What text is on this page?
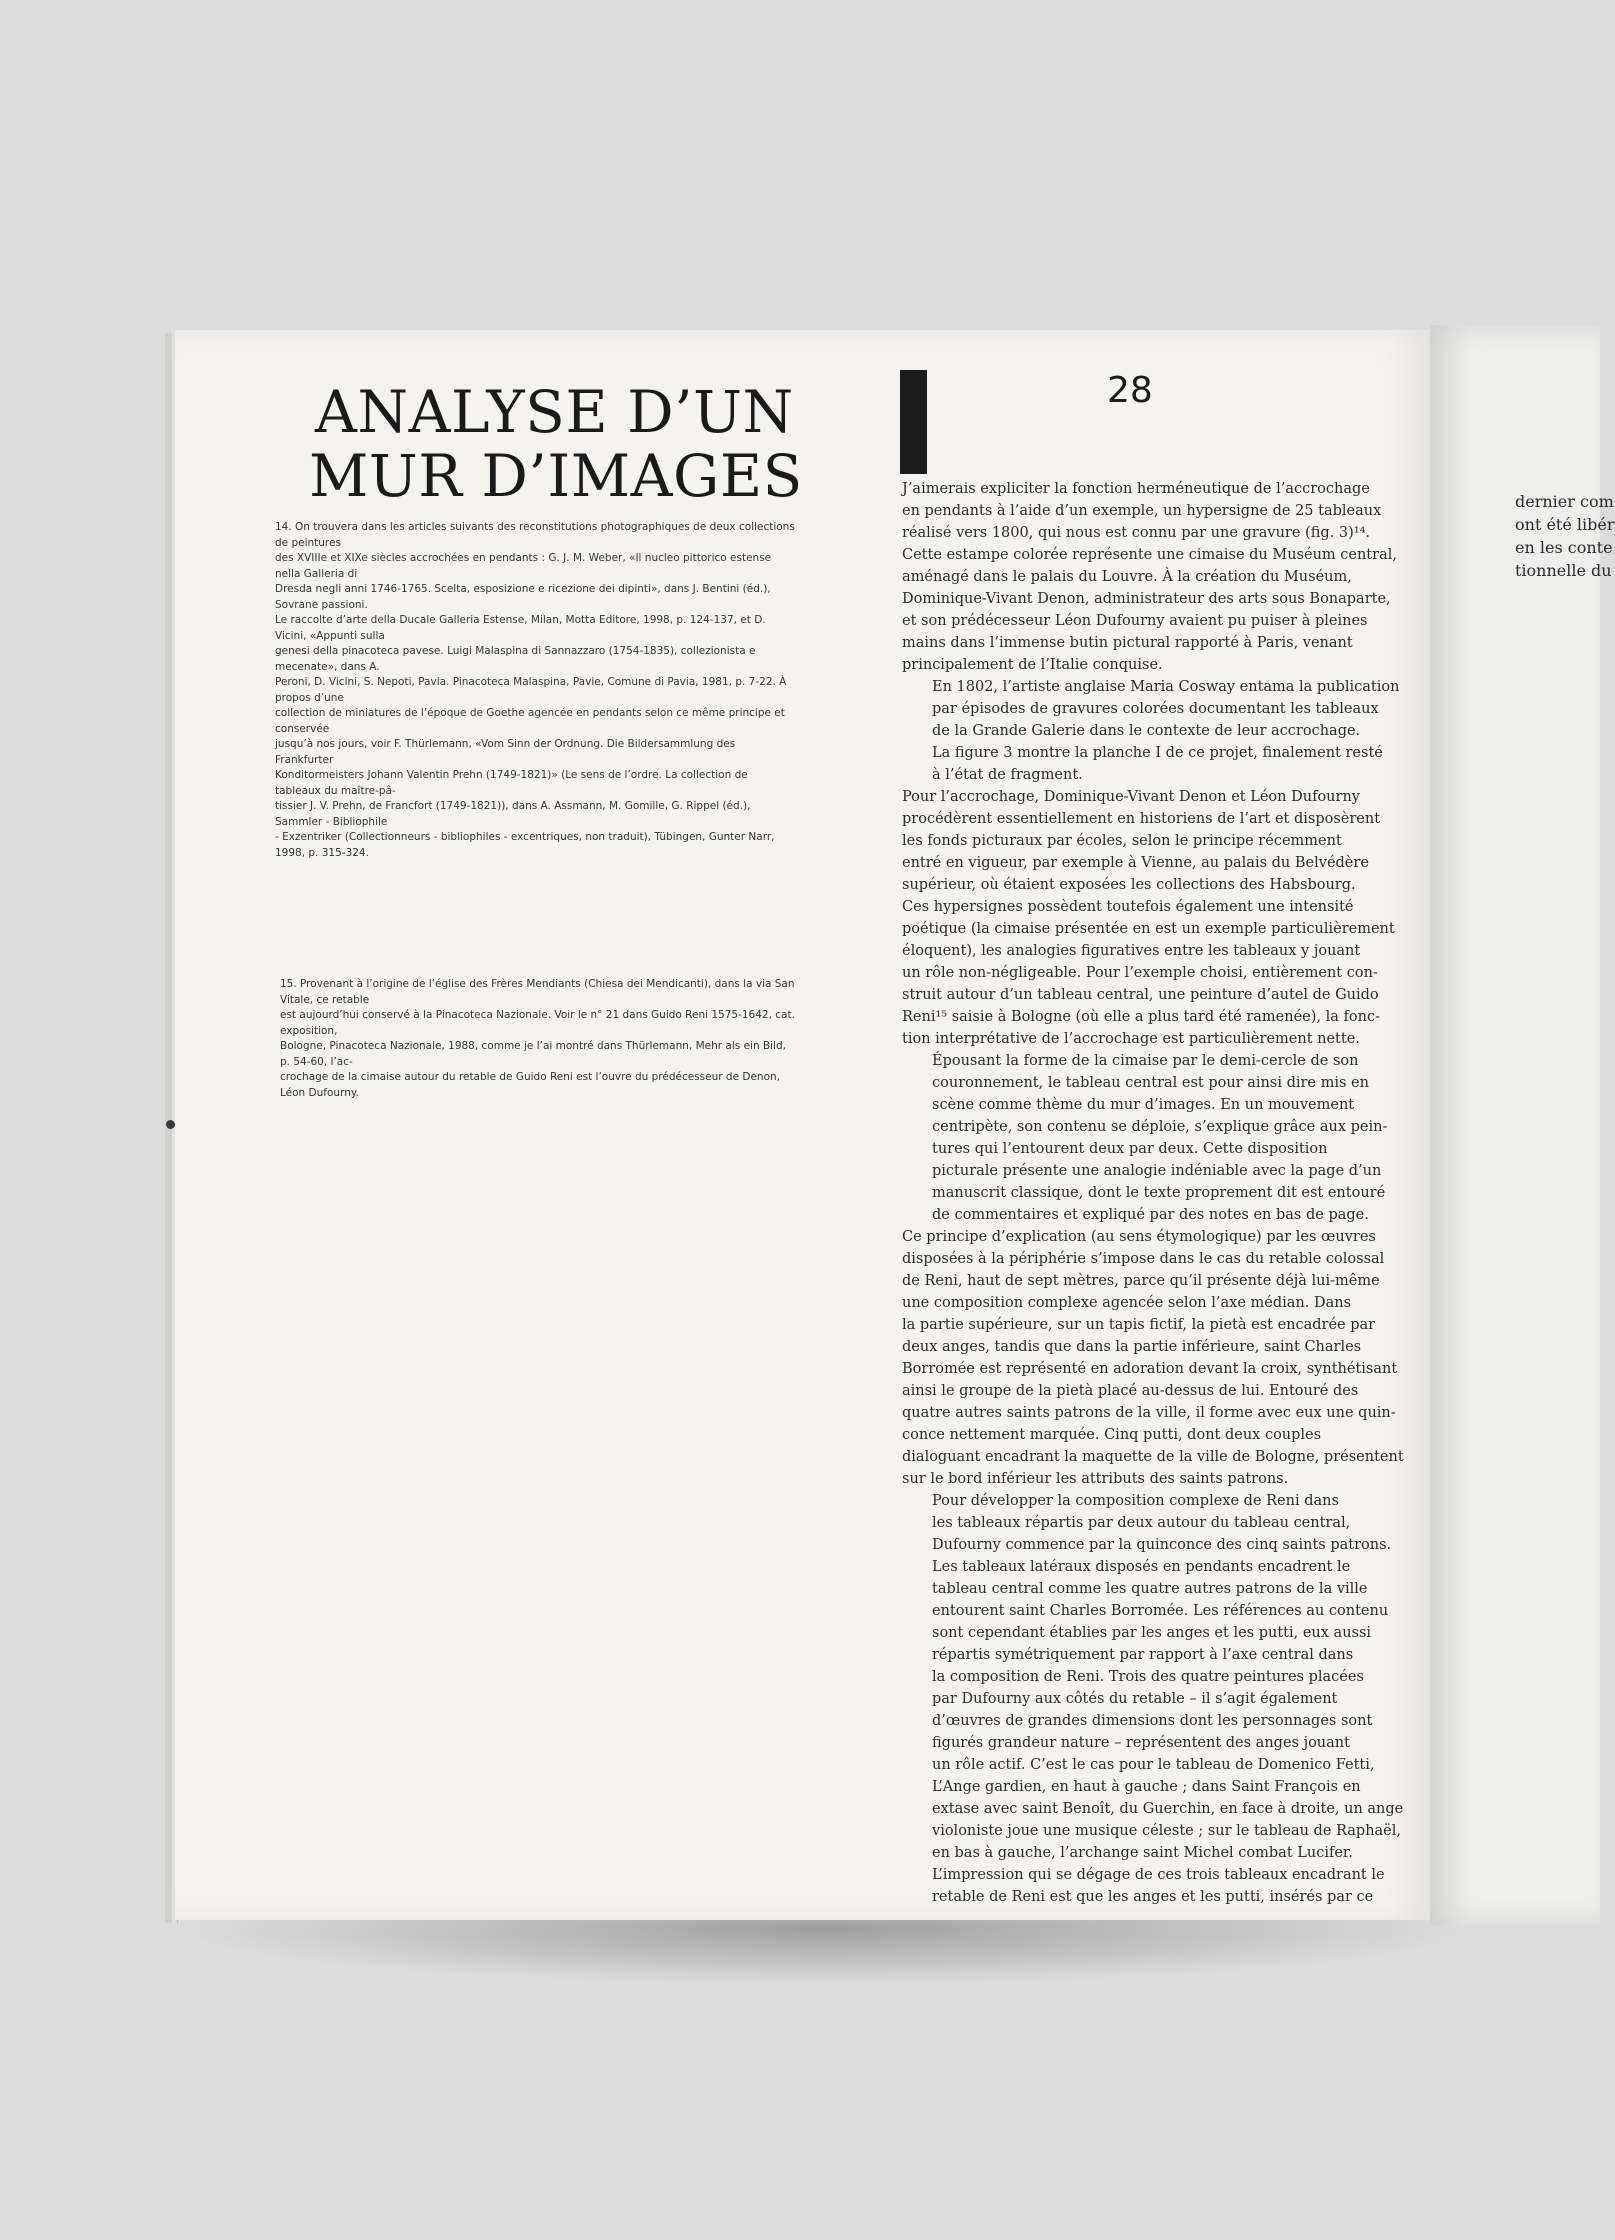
dernier com
ont été libér
en les conte
tionnelle du
ANALYSE D’UN
MUR D’IMAGES

14. On trouvera dans les articles suivants des reconstitutions photographiques de deux collections de peintures

des XVIIIe et XIXe siècles accrochées en pendants : G. J. M. Weber, «Il nucleo pittorico estense nella Galleria di

Dresda negli anni 1746-1765. Scelta, esposizione e ricezione dei dipinti», dans J. Bentini (éd.), Sovrane passioni.

Le raccolte d’arte della Ducale Galleria Estense, Milan, Motta Editore, 1998, p. 124-137, et D. Vicini, «Appunti sulla

genesi della pinacoteca pavese. Luigi Malaspina di Sannazzaro (1754-1835), collezionista e mecenate», dans A.

Peroni, D. Vicini, S. Nepoti, Pavia. Pinacoteca Malaspina, Pavie, Comune di Pavia, 1981, p. 7-22. À propos d’une

collection de miniatures de l’époque de Goethe agencée en pendants selon ce même principe et conservée

jusqu’à nos jours, voir F. Thürlemann, «Vom Sinn der Ordnung. Die Bildersammlung des Frankfurter

Konditormeisters Johann Valentin Prehn (1749-1821)» (Le sens de l’ordre. La collection de tableaux du maître-pâ-

tissier J. V. Prehn, de Francfort (1749-1821)), dans A. Assmann, M. Gomille, G. Rippel (éd.), Sammler - Bibliophile

- Exzentriker (Collectionneurs - bibliophiles - excentriques, non traduit), Tübingen, Gunter Narr, 1998, p. 315-324.

15. Provenant à l’origine de l’église des Frères Mendiants (Chiesa dei Mendicanti), dans la via San Vitale, ce retable

est aujourd’hui conservé à la Pinacoteca Nazionale. Voir le n° 21 dans Guido Reni 1575-1642, cat. exposition,

Bologne, Pinacoteca Nazionale, 1988, comme je l’ai montré dans Thürlemann, Mehr als ein Bild, p. 54-60, l’ac-

crochage de la cimaise autour du retable de Guido Reni est l’ouvre du prédécesseur de Denon, Léon Dufourny.

28

J’aimerais expliciter la fonction herméneutique de l’accrochage

en pendants à l’aide d’un exemple, un hypersigne de 25 tableaux

réalisé vers 1800, qui nous est connu par une gravure (fig. 3)¹⁴.

Cette estampe colorée représente une cimaise du Muséum central,

aménagé dans le palais du Louvre. À la création du Muséum,

Dominique-Vivant Denon, administrateur des arts sous Bonaparte,

et son prédécesseur Léon Dufourny avaient pu puiser à pleines

mains dans l’immense butin pictural rapporté à Paris, venant

principalement de l’Italie conquise.

En 1802, l’artiste anglaise Maria Cosway entama la publication

par épisodes de gravures colorées documentant les tableaux

de la Grande Galerie dans le contexte de leur accrochage.

La figure 3 montre la planche I de ce projet, finalement resté

à l’état de fragment.

Pour l’accrochage, Dominique-Vivant Denon et Léon Dufourny

procédèrent essentiellement en historiens de l’art et disposèrent

les fonds picturaux par écoles, selon le principe récemment

entré en vigueur, par exemple à Vienne, au palais du Belvédère

supérieur, où étaient exposées les collections des Habsbourg.

Ces hypersignes possèdent toutefois également une intensité

poétique (la cimaise présentée en est un exemple particulièrement

éloquent), les analogies figuratives entre les tableaux y jouant

un rôle non-négligeable. Pour l’exemple choisi, entièrement con-

struit autour d’un tableau central, une peinture d’autel de Guido

Reni¹⁵ saisie à Bologne (où elle a plus tard été ramenée), la fonc-

tion interprétative de l’accrochage est particulièrement nette.

Épousant la forme de la cimaise par le demi-cercle de son

couronnement, le tableau central est pour ainsi dire mis en

scène comme thème du mur d’images. En un mouvement

centripète, son contenu se déploie, s’explique grâce aux pein-

tures qui l’entourent deux par deux. Cette disposition

picturale présente une analogie indéniable avec la page d’un

manuscrit classique, dont le texte proprement dit est entouré

de commentaires et expliqué par des notes en bas de page.

Ce principe d’explication (au sens étymologique) par les œuvres

disposées à la périphérie s’impose dans le cas du retable colossal

de Reni, haut de sept mètres, parce qu’il présente déjà lui-même

une composition complexe agencée selon l’axe médian. Dans

la partie supérieure, sur un tapis fictif, la pietà est encadrée par

deux anges, tandis que dans la partie inférieure, saint Charles

Borromée est représenté en adoration devant la croix, synthétisant

ainsi le groupe de la pietà placé au-dessus de lui. Entouré des

quatre autres saints patrons de la ville, il forme avec eux une quin-

conce nettement marquée. Cinq putti, dont deux couples

dialoguant encadrant la maquette de la ville de Bologne, présentent

sur le bord inférieur les attributs des saints patrons.

Pour développer la composition complexe de Reni dans

les tableaux répartis par deux autour du tableau central,

Dufourny commence par la quinconce des cinq saints patrons.

Les tableaux latéraux disposés en pendants encadrent le

tableau central comme les quatre autres patrons de la ville

entourent saint Charles Borromée. Les références au contenu

sont cependant établies par les anges et les putti, eux aussi

répartis symétriquement par rapport à l’axe central dans

la composition de Reni. Trois des quatre peintures placées

par Dufourny aux côtés du retable – il s’agit également

d’œuvres de grandes dimensions dont les personnages sont

figurés grandeur nature – représentent des anges jouant

un rôle actif. C’est le cas pour le tableau de Domenico Fetti,

L’Ange gardien, en haut à gauche ; dans Saint François en

extase avec saint Benoît, du Guerchin, en face à droite, un ange

violoniste joue une musique céleste ; sur le tableau de Raphaël,

en bas à gauche, l’archange saint Michel combat Lucifer.

L’impression qui se dégage de ces trois tableaux encadrant le

retable de Reni est que les anges et les putti, insérés par ce
